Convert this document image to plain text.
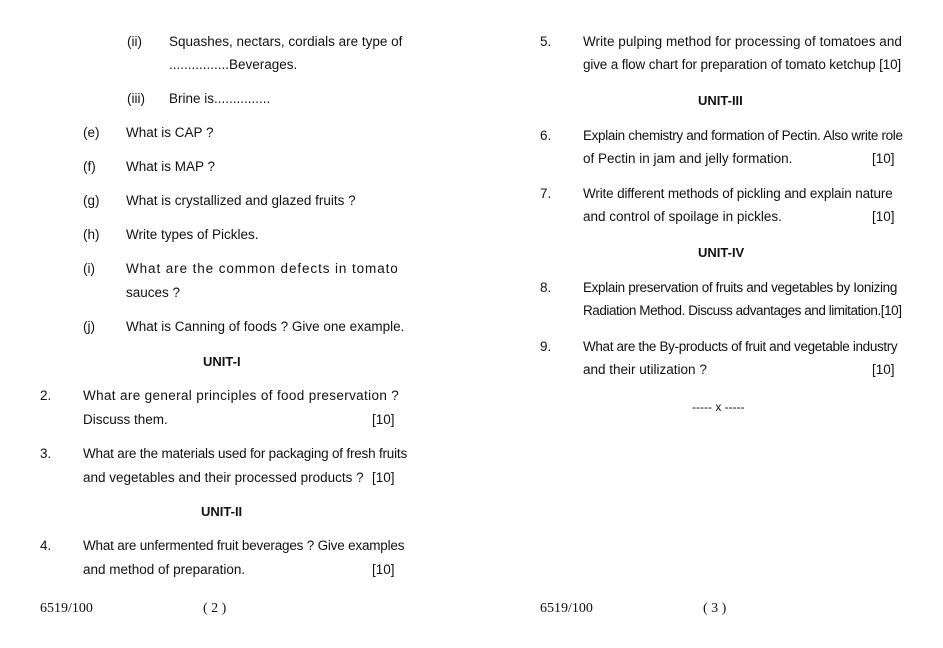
(ii) Squashes, nectars, cordials are type of
................Beverages.
(iii) Brine is...............
(e) What is CAP ?
(f) What is MAP ?
(g) What is crystallized and glazed fruits ?
(h) Write types of Pickles.
(i) What are the common defects in tomato
sauces ?
(j) What is Canning of foods ? Give one example.
UNIT-I
2. What are general principles of food preservation ?
Discuss them.	[10]
3. What are the materials used for packaging of fresh fruits
and vegetables and their processed products ? [10]
UNIT-II
4. What are unfermented fruit beverages ? Give examples
and method of preparation.	[10]
6519/100	( 2 )
5. Write pulping method for processing of tomatoes and
give a flow chart for preparation of tomato ketchup [10]
UNIT-III
6. Explain chemistry and formation of Pectin. Also write role
of Pectin in jam and jelly formation.	[10]
7. Write different methods of pickling and explain nature
and control of spoilage in pickles.	[10]
UNIT-IV
8. Explain preservation of fruits and vegetables by Ionizing
Radiation Method. Discuss advantages and limitation.[10]
9. What are the By-products of fruit and vegetable industry
and their utilization ?	[10]
----- x -----
6519/100	( 3 )
